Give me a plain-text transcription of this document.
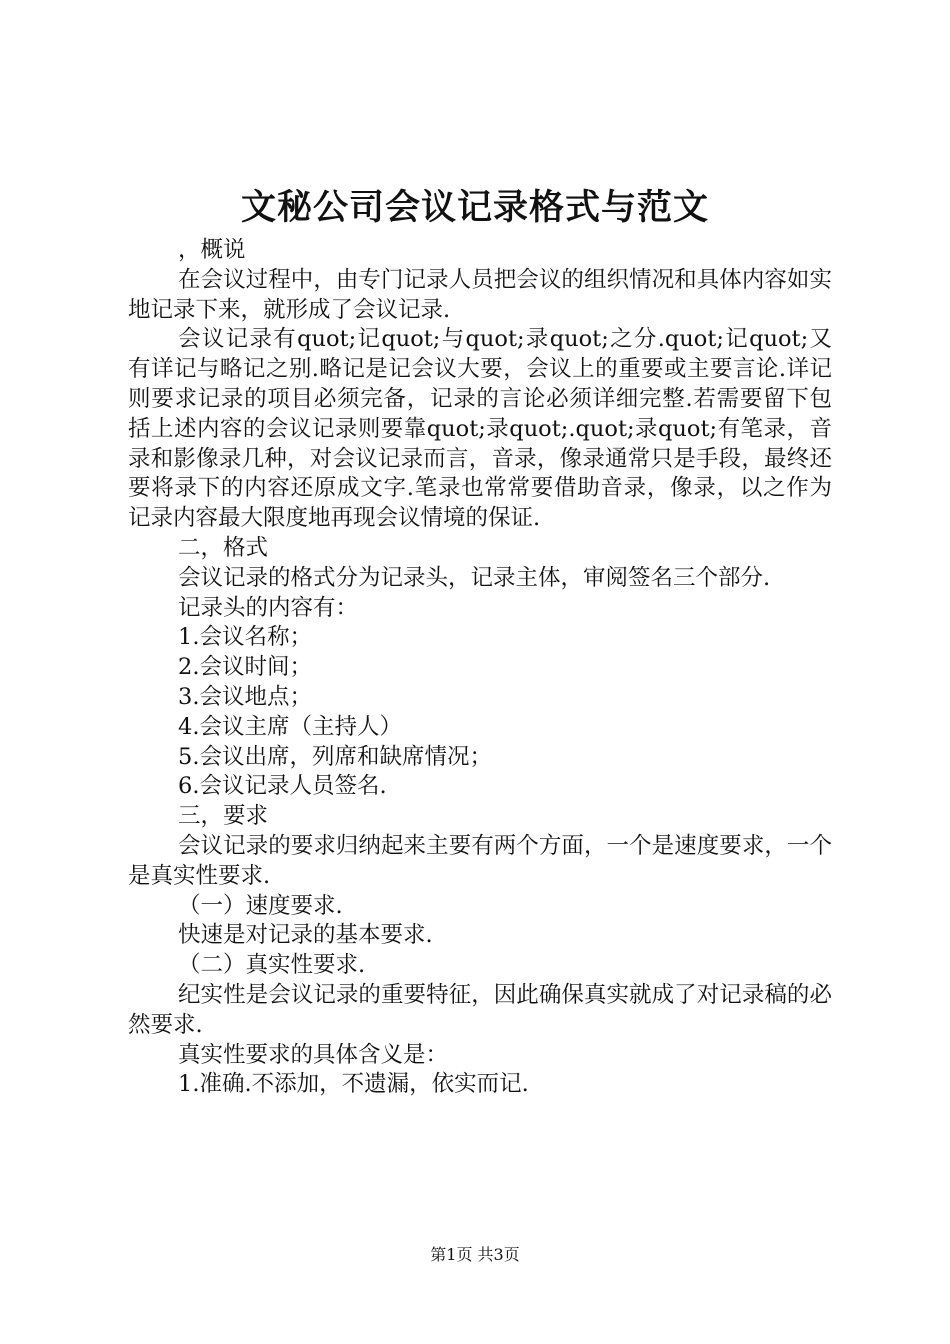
文秘公司会议记录格式与范文

，概说

在会议过程中，由专门记录人员把会议的组织情况和具体内容如实地记录下来，就形成了会议记录.

会议记录有quot;记quot;与quot;录quot;之分.quot;记quot;又有详记与略记之别.略记是记会议大要，会议上的重要或主要言论.详记则要求记录的项目必须完备，记录的言论必须详细完整.若需要留下包括上述内容的会议记录则要靠quot;录quot;.quot;录quot;有笔录，音录和影像录几种，对会议记录而言，音录，像录通常只是手段，最终还要将录下的内容还原成文字.笔录也常常要借助音录，像录，以之作为记录内容最大限度地再现会议情境的保证.

二，格式

会议记录的格式分为记录头，记录主体，审阅签名三个部分.

记录头的内容有：

1.会议名称；

2.会议时间；

3.会议地点；

4.会议主席（主持人）

5.会议出席，列席和缺席情况；

6.会议记录人员签名.

三，要求

会议记录的要求归纳起来主要有两个方面，一个是速度要求，一个是真实性要求.

（一）速度要求.

快速是对记录的基本要求.

（二）真实性要求.

纪实性是会议记录的重要特征，因此确保真实就成了对记录稿的必然要求.

真实性要求的具体含义是：

1.准确.不添加，不遗漏，依实而记.

第1页 共3页
